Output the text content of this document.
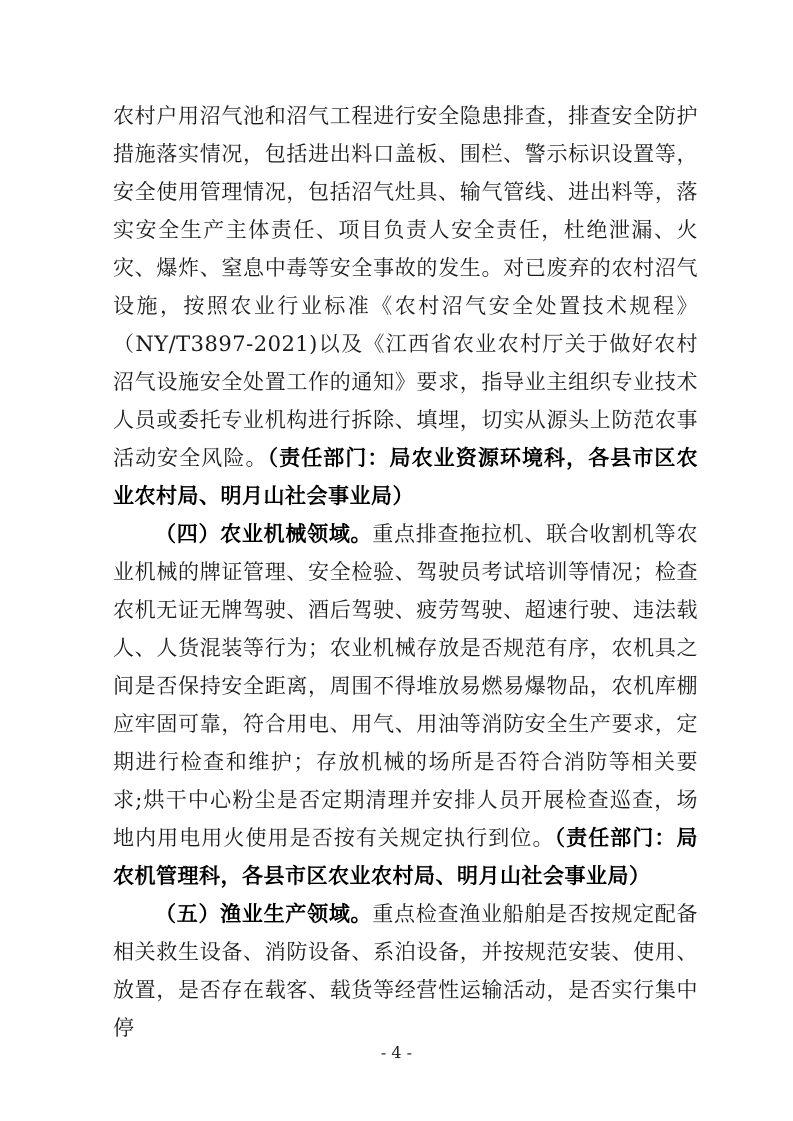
农村户用沼气池和沼气工程进行安全隐患排查，排查安全防护措施落实情况，包括进出料口盖板、围栏、警示标识设置等，安全使用管理情况，包括沼气灶具、输气管线、进出料等，落实安全生产主体责任、项目负责人安全责任，杜绝泄漏、火灾、爆炸、窒息中毒等安全事故的发生。对已废弃的农村沼气设施，按照农业行业标准《农村沼气安全处置技术规程》（NY/T3897-2021)以及《江西省农业农村厅关于做好农村沼气设施安全处置工作的通知》要求，指导业主组织专业技术人员或委托专业机构进行拆除、填埋，切实从源头上防范农事活动安全风险。（责任部门：局农业资源环境科，各县市区农业农村局、明月山社会事业局）

（四）农业机械领域。重点排查拖拉机、联合收割机等农业机械的牌证管理、安全检验、驾驶员考试培训等情况；检查农机无证无牌驾驶、酒后驾驶、疲劳驾驶、超速行驶、违法载人、人货混装等行为；农业机械存放是否规范有序，农机具之间是否保持安全距离，周围不得堆放易燃易爆物品，农机库棚应牢固可靠，符合用电、用气、用油等消防安全生产要求，定期进行检查和维护；存放机械的场所是否符合消防等相关要求;烘干中心粉尘是否定期清理并安排人员开展检查巡查，场地内用电用火使用是否按有关规定执行到位。（责任部门：局农机管理科，各县市区农业农村局、明月山社会事业局）

（五）渔业生产领域。重点检查渔业船舶是否按规定配备相关救生设备、消防设备、系泊设备，并按规范安装、使用、放置，是否存在载客、载货等经营性运输活动，是否实行集中停

- 4 -
